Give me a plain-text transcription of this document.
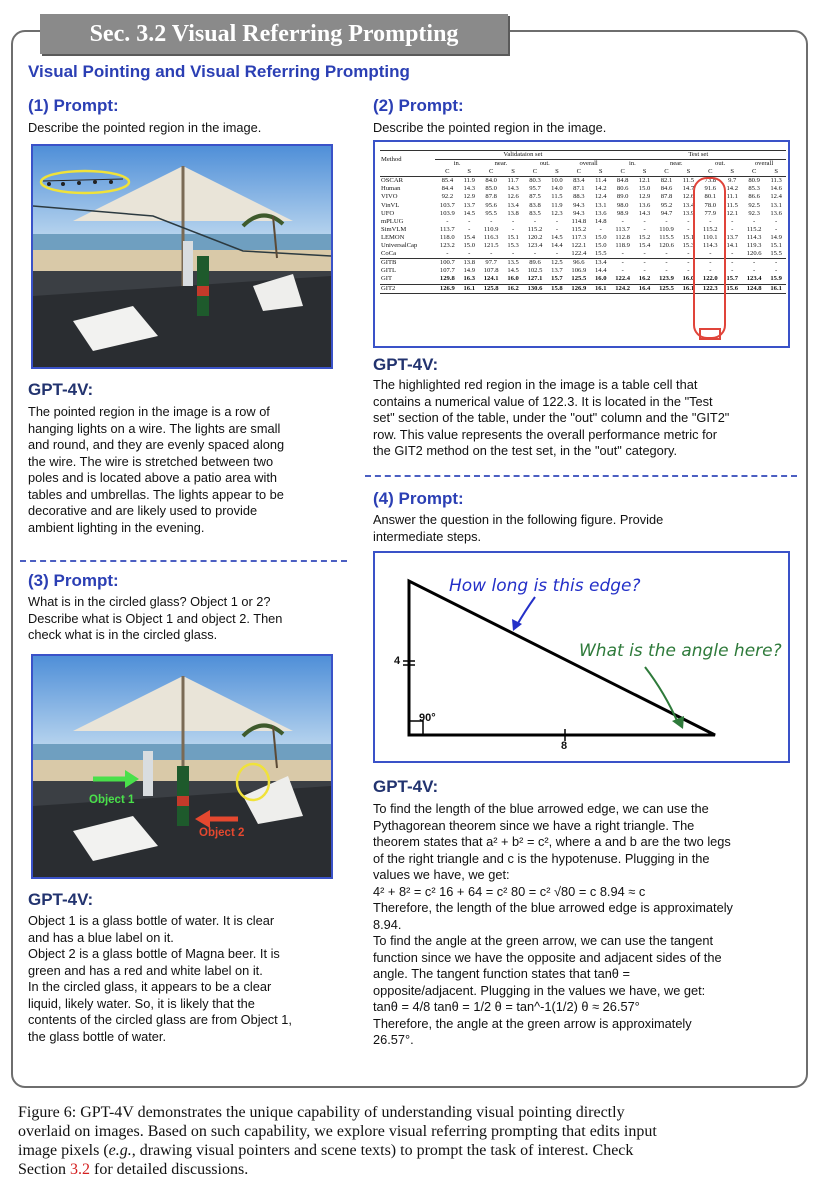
Sec. 3.2 Visual Referring Prompting
Visual Pointing and Visual Referring Prompting
(1) Prompt:
Describe the pointed region in the image.
GPT-4V:
The pointed region in the image is a row of
hanging lights on a wire. The lights are small
and round, and they are evenly spaced along
the wire. The wire is stretched between two
poles and is located above a patio area with
tables and umbrellas. The lights appear to be
decorative and are likely used to provide
ambient lighting in the evening.
(3) Prompt:
What is in the circled glass? Object 1 or 2?
Describe what is Object 1 and object 2. Then
check what is in the circled glass.
Object 1
Object 2
GPT-4V:
Object 1 is a glass bottle of water. It is clear
and has a blue label on it.
Object 2 is a glass bottle of Magna beer. It is
green and has a red and white label on it.
In the circled glass, it appears to be a clear
liquid, likely water. So, it is likely that the
contents of the circled glass are from Object 1,
the glass bottle of water.
(2) Prompt:
Describe the pointed region in the image.
Method	Validataion set								Test set							
	in.		near.		out.		overall		in.		near.		out.		overall	
	C	S	C	S	C	S	C	S	C	S	C	S	C	S	C	S
OSCAR	85.4	11.9	84.0	11.7	80.3	10.0	83.4	11.4	84.8	12.1	82.1	11.5	73.8	9.7	80.9	11.3
Human	84.4	14.3	85.0	14.3	95.7	14.0	87.1	14.2	80.6	15.0	84.6	14.7	91.6	14.2	85.3	14.6
VIVO	92.2	12.9	87.8	12.6	87.5	11.5	88.3	12.4	89.0	12.9	87.8	12.6	80.1	11.1	86.6	12.4
VinVL	103.7	13.7	95.6	13.4	83.8	11.9	94.3	13.1	98.0	13.6	95.2	13.4	78.0	11.5	92.5	13.1
UFO	103.9	14.5	95.5	13.8	83.5	12.3	94.3	13.6	98.9	14.3	94.7	13.9	77.9	12.1	92.3	13.6
mPLUG	-	-	-	-	-	-	114.8	14.8	-	-	-	-	-	-	-	-
SimVLM	113.7	-	110.9	-	115.2	-	115.2	-	113.7	-	110.9	-	115.2	-	115.2	-
LEMON	118.0	15.4	116.3	15.1	120.2	14.5	117.3	15.0	112.8	15.2	115.5	15.1	110.1	13.7	114.3	14.9
UniversalCap	123.2	15.0	121.5	15.3	123.4	14.4	122.1	15.0	118.9	15.4	120.6	15.3	114.3	14.1	119.3	15.1
CoCa	-	-	-	-	-	-	122.4	15.5	-	-	-	-	-	-	120.6	15.5
GITB	100.7	13.8	97.7	13.5	89.6	12.5	96.6	13.4	-	-	-	-	-	-	-	-
GITL	107.7	14.9	107.8	14.5	102.5	13.7	106.9	14.4	-	-	-	-	-	-	-	-
GIT	129.8	16.3	124.1	16.0	127.1	15.7	125.5	16.0	122.4	16.2	123.9	16.0	122.0	15.7	123.4	15.9
GIT2	126.9	16.1	125.8	16.2	130.6	15.8	126.9	16.1	124.2	16.4	125.5	16.1	122.3	15.6	124.8	16.1
GPT-4V:
The highlighted red region in the image is a table cell that
contains a numerical value of 122.3. It is located in the "Test
set" section of the table, under the "out" column and the "GIT2"
row. This value represents the overall performance metric for
the GIT2 method on the test set, in the "out" category.
(4) Prompt:
Answer the question in the following figure. Provide
intermediate steps.
How long is this edge?
What is the angle here?
4
8
90°
GPT-4V:
To find the length of the blue arrowed edge, we can use the
Pythagorean theorem since we have a right triangle. The
theorem states that a² + b² = c², where a and b are the two legs
of the right triangle and c is the hypotenuse. Plugging in the
values we have, we get:
4² + 8² = c² 16 + 64 = c² 80 = c² √80 = c 8.94 ≈ c
Therefore, the length of the blue arrowed edge is approximately
8.94.
To find the angle at the green arrow, we can use the tangent
function since we have the opposite and adjacent sides of the
angle. The tangent function states that tanθ =
opposite/adjacent. Plugging in the values we have, we get:
tanθ = 4/8 tanθ = 1/2 θ = tan^-1(1/2) θ ≈ 26.57°
Therefore, the angle at the green arrow is approximately
26.57°.
Figure 6: GPT-4V demonstrates the unique capability of understanding visual pointing directly
overlaid on images. Based on such capability, we explore visual referring prompting that edits input
image pixels (e.g., drawing visual pointers and scene texts) to prompt the task of interest. Check
Section 3.2 for detailed discussions.
